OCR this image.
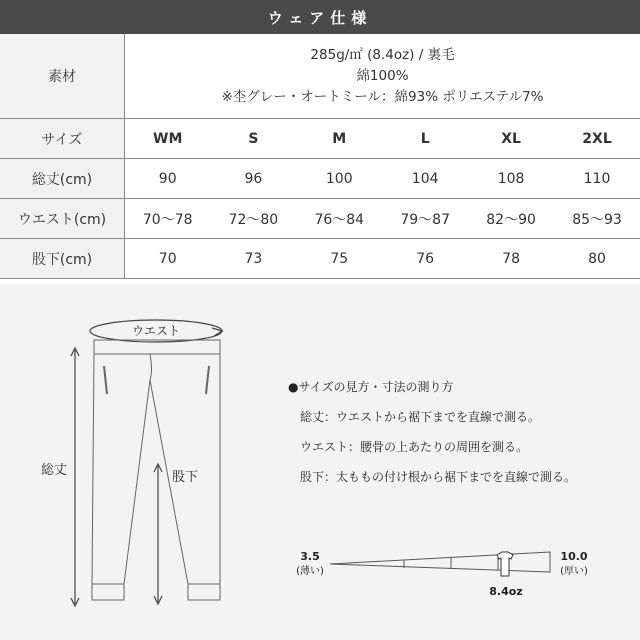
ウェア仕様
素材	285g/㎡ (8.4oz) / 裏毛
綿100%
※杢グレー・オートミール：綿93% ポリエステル7%					

サイズ	WM	S	M	L	XL	2XL
総丈(cm)	90	96	100	104	108	110
ウエスト(cm)	70〜78	72〜80	76〜84	79〜87	82〜90	85〜93
股下(cm)	70	73	75	76	78	80
ウエスト
総丈	股下
3.5
(薄い)
10.0
(厚い)
8.4oz
●サイズの見方・寸法の測り方
総丈：ウエストから裾下までを直線で測る。
ウエスト：腰骨の上あたりの周囲を測る。
股下：太ももの付け根から裾下までを直線で測る。
